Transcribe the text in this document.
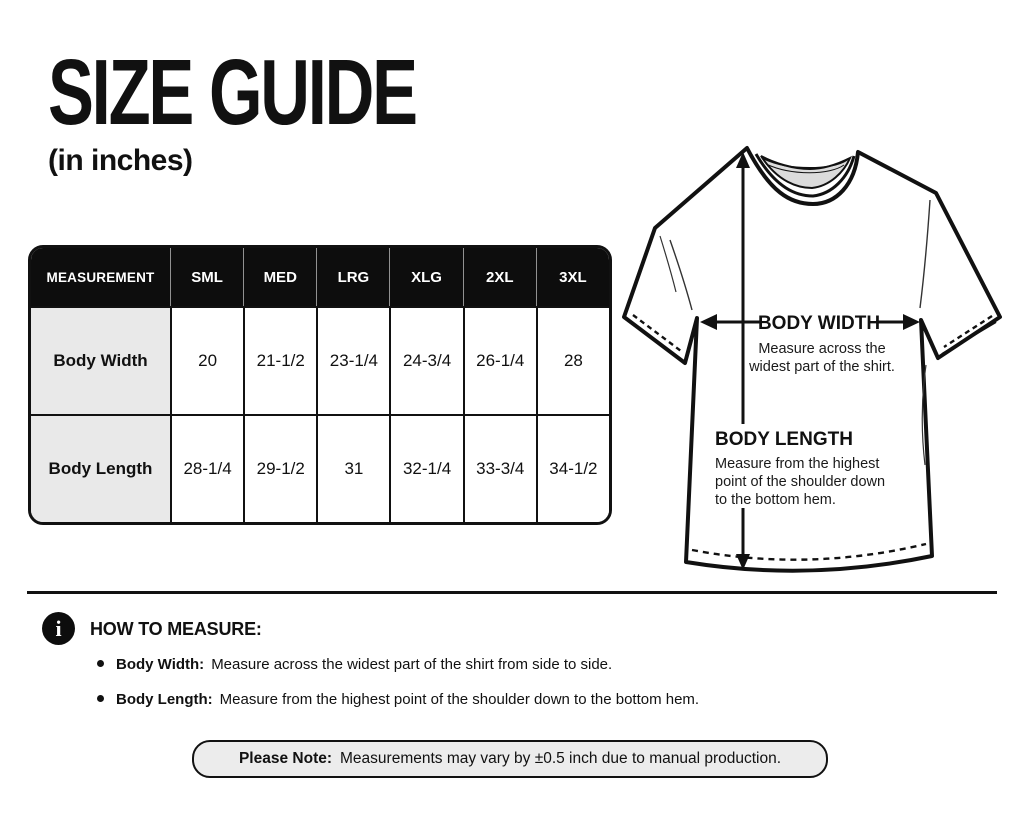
SIZE GUIDE
(in inches)
MEASUREMENT	SML	MED	LRG	XLG	2XL	3XL
Body Width	20	21-1/2	23-1/4	24-3/4	26-1/4	28
Body Length	28-1/4	29-1/2	31	32-1/4	33-3/4	34-1/2
BODY WIDTH
Measure across the
widest part of the shirt.
BODY LENGTH
Measure from the highest
point of the shoulder down
to the bottom hem.
i HOW TO MEASURE:
Body Width: Measure across the widest part of the shirt from side to side.
Body Length: Measure from the highest point of the shoulder down to the bottom hem.
Please Note: Measurements may vary by ±0.5 inch due to manual production.
